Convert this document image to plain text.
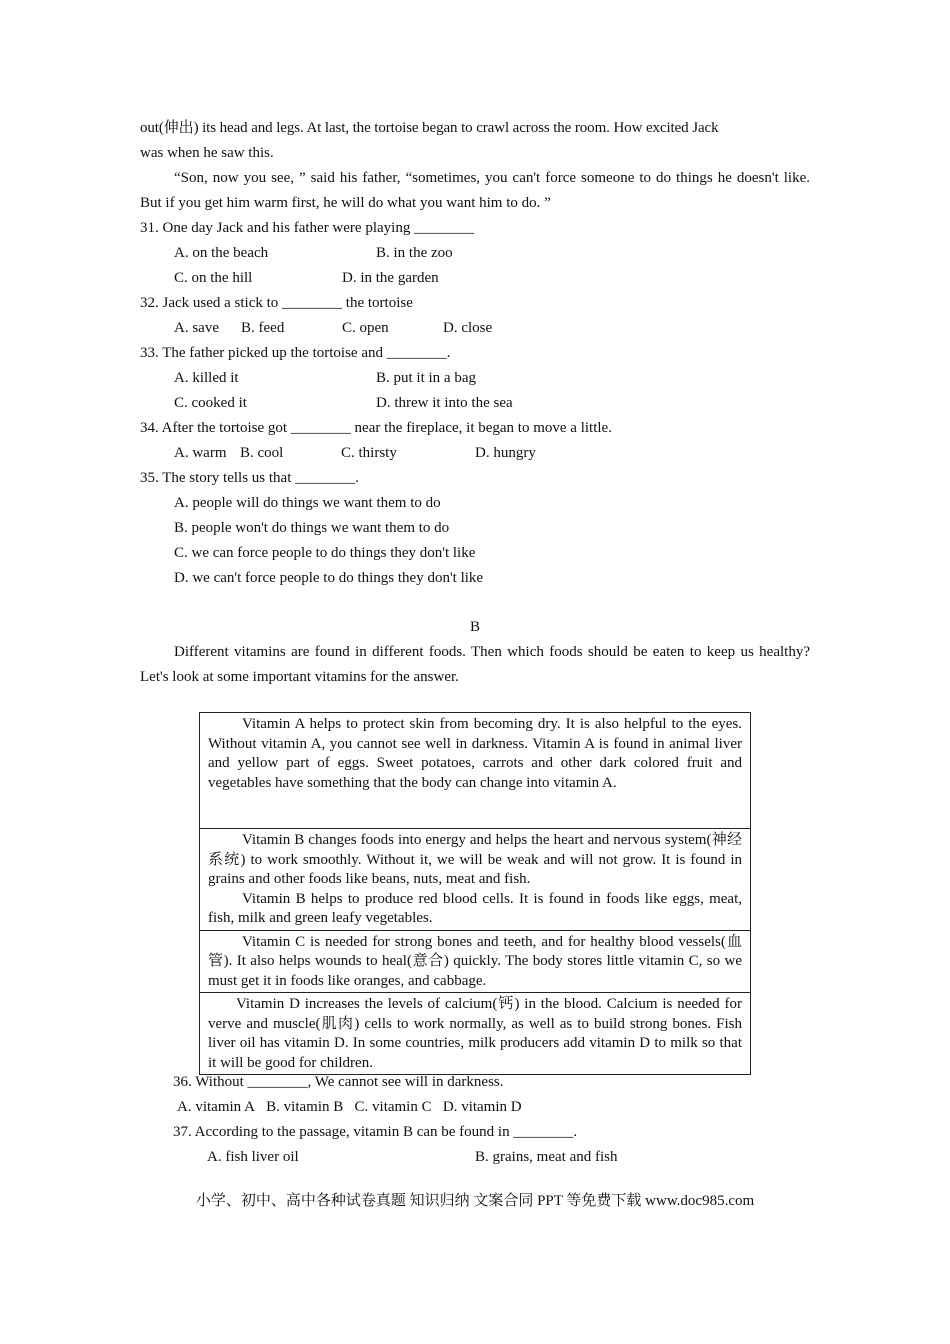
out(伸出) its head and legs. At last, the tortoise began to crawl across the room. How excited Jack
was when he saw this.
“Son, now you see, ” said his father, “sometimes, you can't force someone to do things he doesn't like. But if you get him warm first, he will do what you want him to do. ”
31. One day Jack and his father were playing ________
A. on the beach	B. in the zoo
C. on the hill	D. in the garden
32. Jack used a stick to ________ the tortoise
A. save	B. feed	C. open	D. close
33. The father picked up the tortoise and ________.
A. killed it	B. put it in a bag
C. cooked it	D. threw it into the sea
34. After the tortoise got ________ near the fireplace, it began to move a little.
A. warm B. cool	C. thirsty	D. hungry
35. The story tells us that ________.
A. people will do things we want them to do
B. people won't do things we want them to do
C. we can force people to do things they don't like
D. we can't force people to do things they don't like
B
Different vitamins are found in different foods. Then which foods should be eaten to keep us healthy? Let's look at some important vitamins for the answer.

Vitamin A helps to protect skin from becoming dry. It is also helpful to the eyes. Without vitamin A, you cannot see well in darkness. Vitamin A is found in animal liver and yellow part of eggs. Sweet potatoes, carrots and other dark colored fruit and vegetables have something that the body can change into vitamin A.

Vitamin B changes foods into energy and helps the heart and nervous system(神经系统) to work smoothly. Without it, we will be weak and will not grow. It is found in grains and other foods like beans, nuts, meat and fish.

Vitamin B helps to produce red blood cells. It is found in foods like eggs, meat, fish, milk and green leafy vegetables.

Vitamin C is needed for strong bones and teeth, and for healthy blood vessels(血管). It also helps wounds to heal(意合) quickly. The body stores little vitamin C, so we must get it in foods like oranges, and cabbage.

Vitamin D increases the levels of calcium(钙) in the blood. Calcium is needed for verve and muscle(肌肉) cells to work normally, as well as to build strong bones. Fish liver oil has vitamin D. In some countries, milk producers add vitamin D to milk so that it will be good for children.

36. Without ________, We cannot see will in darkness.
A. vitamin A B. vitamin B C. vitamin C D. vitamin D
37. According to the passage, vitamin B can be found in ________.
A. fish liver oil	B. grains, meat and fish
小学、初中、高中各种试卷真题 知识归纳 文案合同 PPT 等免费下载 www.doc985.com
